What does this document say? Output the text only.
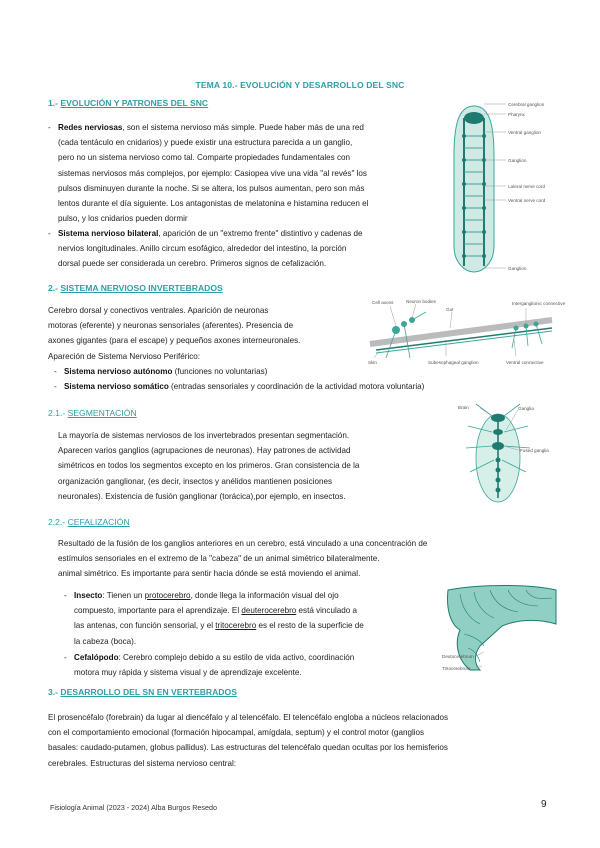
TEMA 10.- EVOLUCIÓN Y DESARROLLO DEL SNC
1.- EVOLUCIÓN Y PATRONES DEL SNC
- Redes nerviosas, son el sistema nervioso más simple. Puede haber más de una red
(cada tentáculo en cnidarios) y puede existir una estructura parecida a un ganglio,
pero no un sistema nervioso como tal. Comparte propiedades fundamentales con
sistemas nerviosos más complejos, por ejemplo: Casiopea vive una vida "al revés" los
pulsos disminuyen durante la noche. Si se altera, los pulsos aumentan, pero son más
lentos durante el día siguiente. Los antagonistas de melatonina e histamina reducen el
pulso, y los cnidarios pueden dormir
- Sistema nervioso bilateral, aparición de un "extremo frente" distintivo y cadenas de
nervios longitudinales. Anillo circum esofágico, alrededor del intestino, la porción
dorsal puede ser considerada un cerebro. Primeros signos de cefalización.
Cerebral ganglion
Pharynx
Ventral ganglion
Ganglion
Lateral nerve cord
Ventral nerve cord
Ganglion
2.- SISTEMA NERVIOSO INVERTEBRADOS
Cerebro dorsal y conectivos ventrales. Aparición de neuronas
motoras (eferente) y neuronas sensoriales (aferentes). Presencia de
axones gigantes (para el escape) y pequeños axones interneuronales.
Apareción de Sistema Nervioso Periférico:
- Sistema nervioso autónomo (funciones no voluntarias)
- Sistema nervioso somático (entradas sensoriales y coordinación de la actividad motora voluntaria)
Cell axons	Neuron bodies
Gut
Interganglionic connective
Skin	Subesophageal ganglion	Ventral connective
2.1.- SEGMENTACIÓN
La mayoría de sistemas nerviosos de los invertebrados presentan segmentación.
Aparecen varios ganglios (agrupaciones de neuronas). Hay patrones de actividad
simétricos en todos los segmentos excepto en los primeros. Gran consistencia de la
organización ganglionar, (es decir, insectos y anélidos mantienen posiciones
neuronales). Existencia de fusión ganglionar (torácica),por ejemplo, en insectos.
Brain	Ganglia
Fused ganglia
2.2.- CEFALIZACIÓN
Resultado de la fusión de los ganglios anteriores en un cerebro, está vinculado a una concentración de
estímulos sensoriales en el extremo de la "cabeza" de un animal simétrico bilateralmente.
animal simétrico. Es importante para sentir hacia dónde se está moviendo el animal.
- Insecto: Tienen un protocerebro, donde llega la información visual del ojo
compuesto, importante para el aprendizaje. El deuterocerebro está vinculado a
las antenas, con función sensorial, y el tritocerebro es el resto de la superficie de
la cabeza (boca).
- Cefalópodo: Cerebro complejo debido a su estilo de vida activo, coordinación
motora muy rápida y sistema visual y de aprendizaje excelente.
Deutocerebrum
Tritocerebrum
3.- DESARROLLO DEL SN EN VERTEBRADOS
El prosencéfalo (forebrain) da lugar al diencéfalo y al telencéfalo. El telencéfalo engloba a núcleos relacionados
con el comportamiento emocional (formación hipocampal, amígdala, septum) y el control motor (ganglios
basales: caudado-putamen, globus pallidus). Las estructuras del telencéfalo quedan ocultas por los hemisferios
cerebrales. Estructuras del sistema nervioso central:
Fisiología Animal (2023 - 2024) Alba Burgos Resedo	9
